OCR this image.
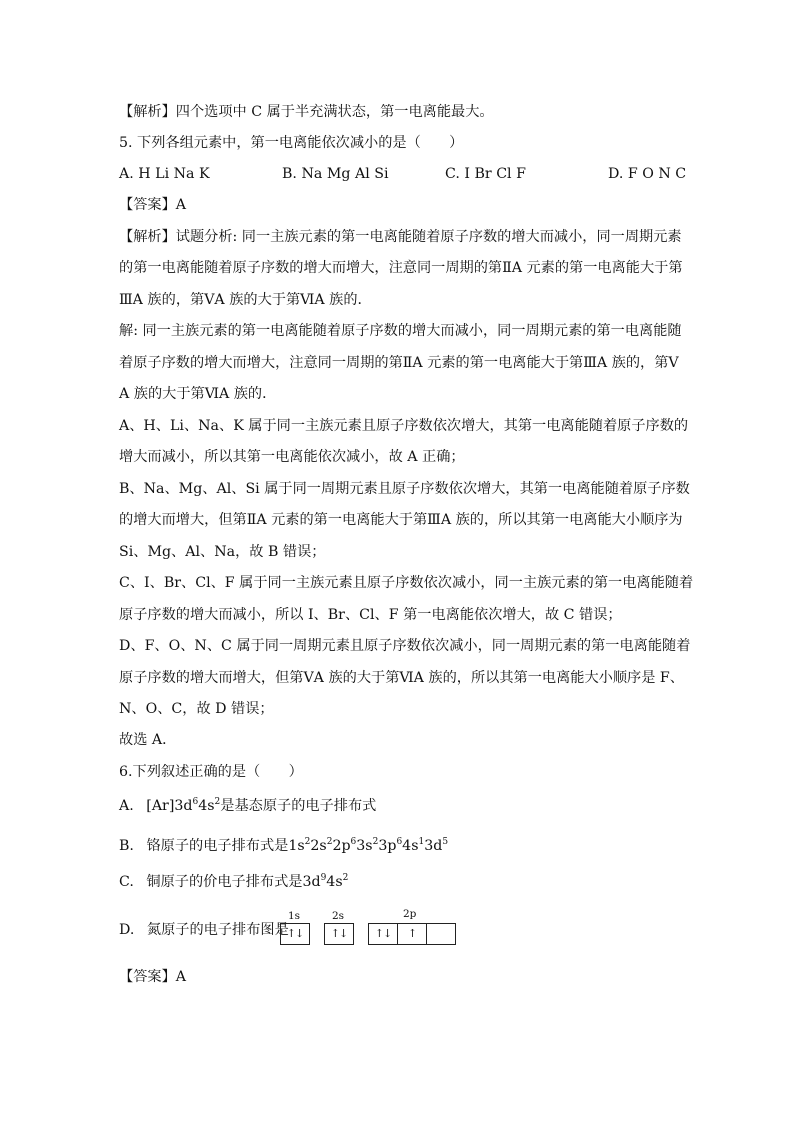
【解析】四个选项中 C 属于半充满状态，第一电离能最大。
5. 下列各组元素中，第一电离能依次减小的是（　　）
A. H Li Na K	B. Na Mg Al Si	C. I Br Cl F	D. F O N C
【答案】A
【解析】试题分析: 同一主族元素的第一电离能随着原子序数的增大而减小，同一周期元素
的第一电离能随着原子序数的增大而增大，注意同一周期的第ⅡA 元素的第一电离能大于第
ⅢA 族的，第ⅤA 族的大于第ⅥA 族的．
解: 同一主族元素的第一电离能随着原子序数的增大而减小，同一周期元素的第一电离能随
着原子序数的增大而增大，注意同一周期的第ⅡA 元素的第一电离能大于第ⅢA 族的，第Ⅴ
A 族的大于第ⅥA 族的．
A、H、Li、Na、K 属于同一主族元素且原子序数依次增大，其第一电离能随着原子序数的
增大而减小，所以其第一电离能依次减小，故 A 正确；
B、Na、Mg、Al、Si 属于同一周期元素且原子序数依次增大，其第一电离能随着原子序数
的增大而增大，但第ⅡA 元素的第一电离能大于第ⅢA 族的，所以其第一电离能大小顺序为
Si、Mg、Al、Na，故 B 错误；
C、I、Br、Cl、F 属于同一主族元素且原子序数依次减小，同一主族元素的第一电离能随着
原子序数的增大而减小，所以 I、Br、Cl、F 第一电离能依次增大，故 C 错误；
D、F、O、N、C 属于同一周期元素且原子序数依次减小，同一周期元素的第一电离能随着
原子序数的增大而增大，但第ⅤA 族的大于第ⅥA 族的，所以其第一电离能大小顺序是 F、
N、O、C，故 D 错误；
故选 A．
6.下列叙述正确的是（　　）
A. $[Ar]3d^64s^2$是基态原子的电子排布式
B. 铬原子的电子排布式是$1s^22s^22p^63s^23p^64s^13d^5$
C. 铜原子的价电子排布式是$3d^94s^2$
D. 氮原子的电子排布图是
1s	2s	2p
↑↓	↑↓	↑↓ ↑
【答案】A
